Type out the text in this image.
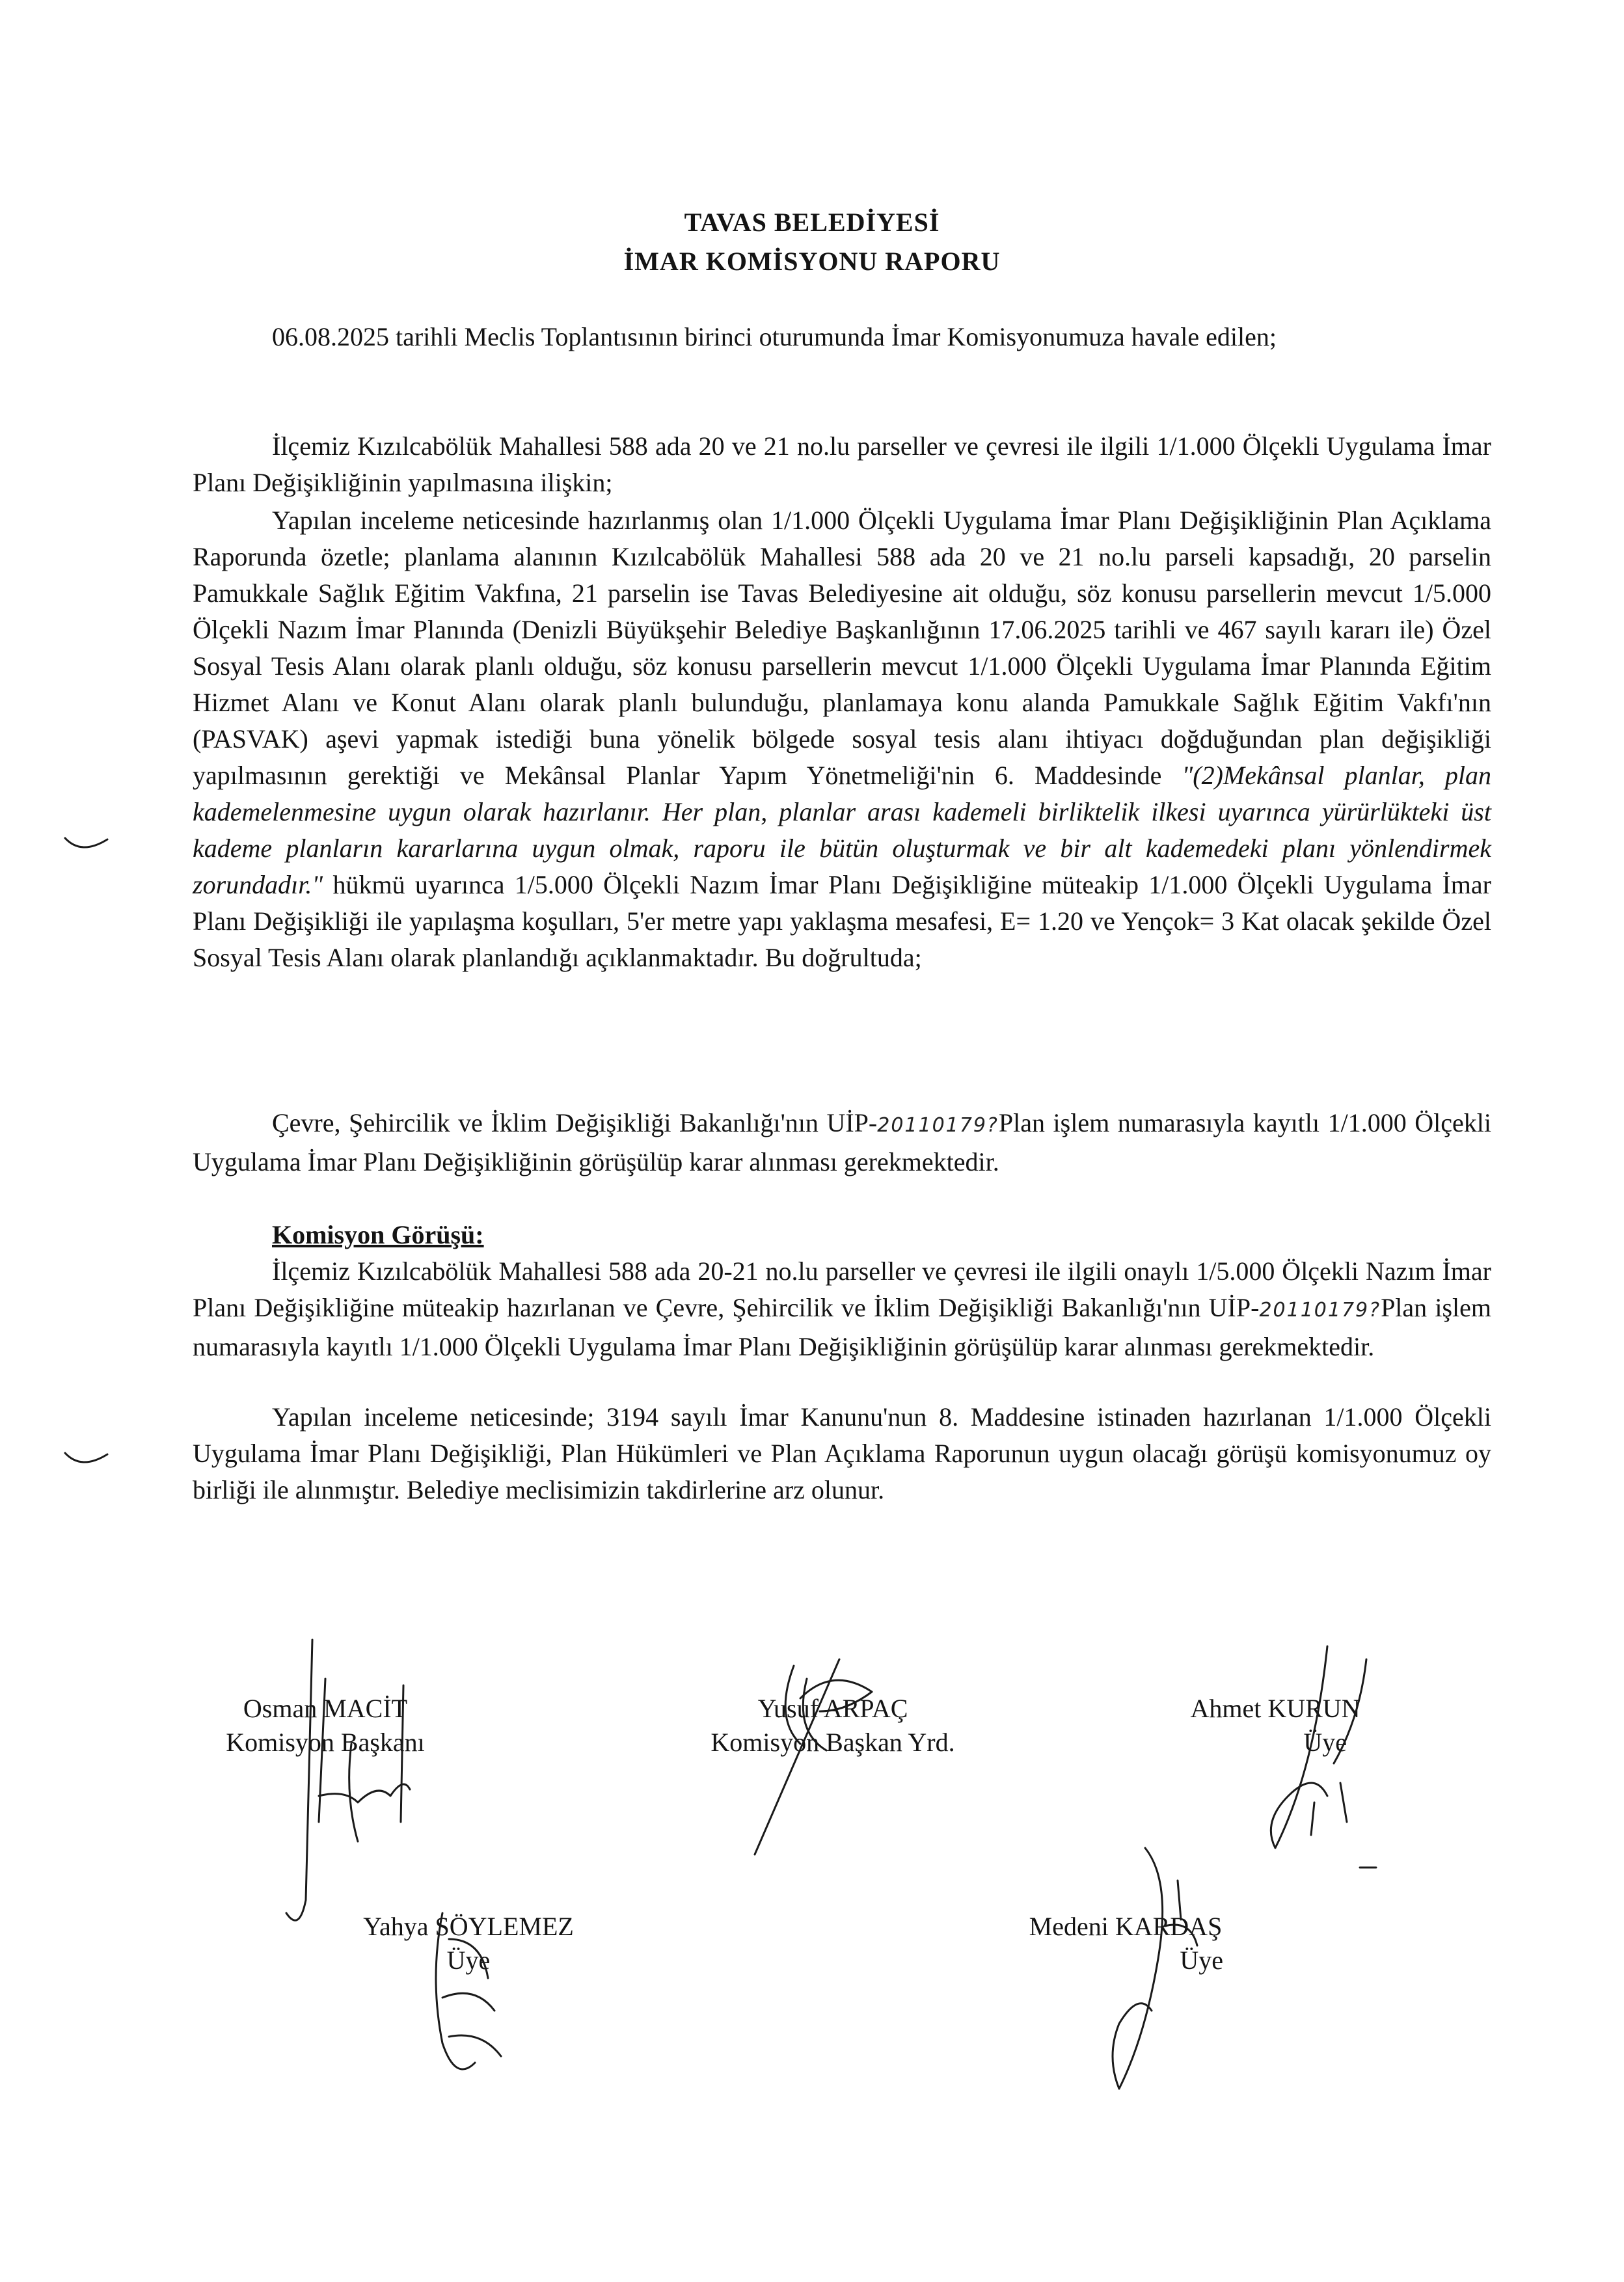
TAVAS BELEDİYESİ
İMAR KOMİSYONU RAPORU
06.08.2025 tarihli Meclis Toplantısının birinci oturumunda İmar Komisyonumuza havale edilen;
İlçemiz Kızılcabölük Mahallesi 588 ada 20 ve 21 no.lu parseller ve çevresi ile ilgili 1/1.000 Ölçekli Uygulama İmar Planı Değişikliğinin yapılmasına ilişkin;
Yapılan inceleme neticesinde hazırlanmış olan 1/1.000 Ölçekli Uygulama İmar Planı Değişikliğinin Plan Açıklama Raporunda özetle; planlama alanının Kızılcabölük Mahallesi 588 ada 20 ve 21 no.lu parseli kapsadığı, 20 parselin Pamukkale Sağlık Eğitim Vakfına, 21 parselin ise Tavas Belediyesine ait olduğu, söz konusu parsellerin mevcut 1/5.000 Ölçekli Nazım İmar Planında (Denizli Büyükşehir Belediye Başkanlığının 17.06.2025 tarihli ve 467 sayılı kararı ile) Özel Sosyal Tesis Alanı olarak planlı olduğu, söz konusu parsellerin mevcut 1/1.000 Ölçekli Uygulama İmar Planında Eğitim Hizmet Alanı ve Konut Alanı olarak planlı bulunduğu, planlamaya konu alanda Pamukkale Sağlık Eğitim Vakfı'nın (PASVAK) aşevi yapmak istediği buna yönelik bölgede sosyal tesis alanı ihtiyacı doğduğundan plan değişikliği yapılmasının gerektiği ve Mekânsal Planlar Yapım Yönetmeliği'nin 6. Maddesinde "(2)Mekânsal planlar, plan kademelenmesine uygun olarak hazırlanır. Her plan, planlar arası kademeli birliktelik ilkesi uyarınca yürürlükteki üst kademe planların kararlarına uygun olmak, raporu ile bütün oluşturmak ve bir alt kademedeki planı yönlendirmek zorundadır." hükmü uyarınca 1/5.000 Ölçekli Nazım İmar Planı Değişikliğine müteakip 1/1.000 Ölçekli Uygulama İmar Planı Değişikliği ile yapılaşma koşulları, 5'er metre yapı yaklaşma mesafesi, E= 1.20 ve Yençok= 3 Kat olacak şekilde Özel Sosyal Tesis Alanı olarak planlandığı açıklanmaktadır. Bu doğrultuda;
Çevre, Şehircilik ve İklim Değişikliği Bakanlığı'nın UİP-20110179?Plan işlem numarasıyla kayıtlı 1/1.000 Ölçekli Uygulama İmar Planı Değişikliğinin görüşülüp karar alınması gerekmektedir.
Komisyon Görüşü:
İlçemiz Kızılcabölük Mahallesi 588 ada 20-21 no.lu parseller ve çevresi ile ilgili onaylı 1/5.000 Ölçekli Nazım İmar Planı Değişikliğine müteakip hazırlanan ve Çevre, Şehircilik ve İklim Değişikliği Bakanlığı'nın UİP-20110179?Plan işlem numarasıyla kayıtlı 1/1.000 Ölçekli Uygulama İmar Planı Değişikliğinin görüşülüp karar alınması gerekmektedir.
Yapılan inceleme neticesinde; 3194 sayılı İmar Kanunu'nun 8. Maddesine istinaden hazırlanan 1/1.000 Ölçekli Uygulama İmar Planı Değişikliği, Plan Hükümleri ve Plan Açıklama Raporunun uygun olacağı görüşü komisyonumuz oy birliği ile alınmıştır. Belediye meclisimizin takdirlerine arz olunur.
Osman MACİT
Komisyon Başkanı
Yusuf ARPAÇ
Komisyon Başkan Yrd.
Ahmet KURUN
Üye
Yahya SÖYLEMEZ
Üye
Medeni KARDAŞ
Üye
